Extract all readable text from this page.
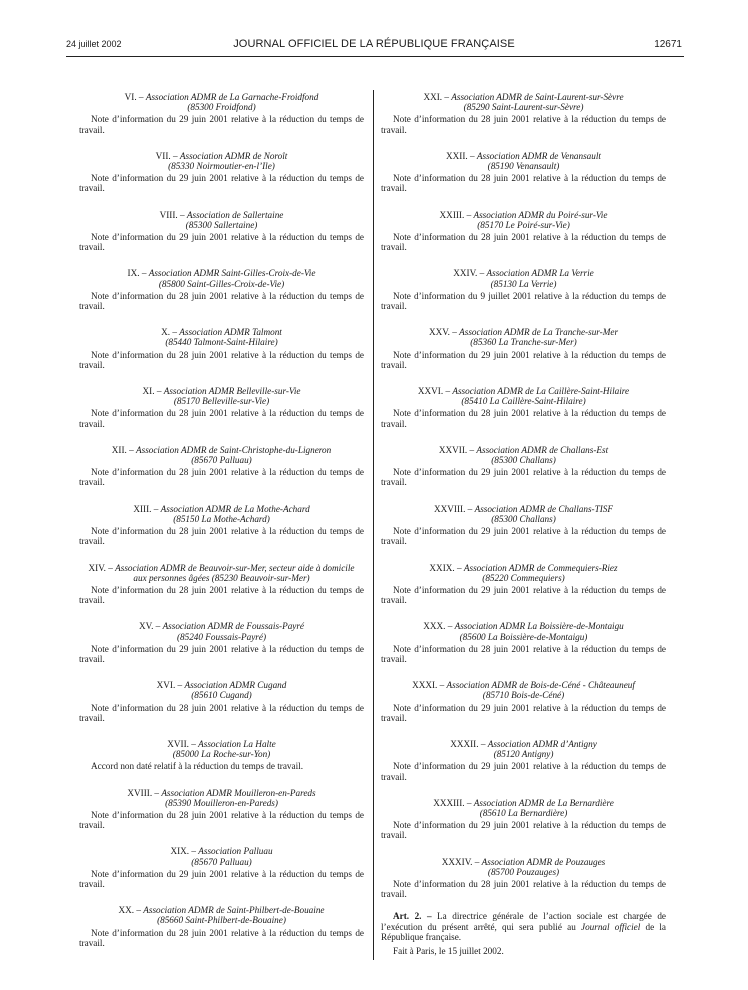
24 juillet 2002	JOURNAL OFFICIEL DE LA RÉPUBLIQUE FRANÇAISE	12671
VI. – Association ADMR de La Garnache-Froidfond
(85300 Froidfond)
Note d’information du 29 juin 2001 relative à la réduction du temps de travail.
VII. – Association ADMR de Noroît
(85330 Noirmoutier-en-l’Ile)
Note d’information du 29 juin 2001 relative à la réduction du temps de travail.
VIII. – Association de Sallertaine
(85300 Sallertaine)
Note d’information du 29 juin 2001 relative à la réduction du temps de travail.
IX. – Association ADMR Saint-Gilles-Croix-de-Vie
(85800 Saint-Gilles-Croix-de-Vie)
Note d’information du 28 juin 2001 relative à la réduction du temps de travail.
X. – Association ADMR Talmont
(85440 Talmont-Saint-Hilaire)
Note d’information du 28 juin 2001 relative à la réduction du temps de travail.
XI. – Association ADMR Belleville-sur-Vie
(85170 Belleville-sur-Vie)
Note d’information du 28 juin 2001 relative à la réduction du temps de travail.
XII. – Association ADMR de Saint-Christophe-du-Ligneron
(85670 Palluau)
Note d’information du 28 juin 2001 relative à la réduction du temps de travail.
XIII. – Association ADMR de La Mothe-Achard
(85150 La Mothe-Achard)
Note d’information du 28 juin 2001 relative à la réduction du temps de travail.
XIV. – Association ADMR de Beauvoir-sur-Mer, secteur aide à domicile aux personnes âgées (85230 Beauvoir-sur-Mer)
Note d’information du 28 juin 2001 relative à la réduction du temps de travail.
XV. – Association ADMR de Foussais-Payré
(85240 Foussais-Payré)
Note d’information du 29 juin 2001 relative à la réduction du temps de travail.
XVI. – Association ADMR Cugand
(85610 Cugand)
Note d’information du 28 juin 2001 relative à la réduction du temps de travail.
XVII. – Association La Halte
(85000 La Roche-sur-Yon)
Accord non daté relatif à la réduction du temps de travail.
XVIII. – Association ADMR Mouilleron-en-Pareds
(85390 Mouilleron-en-Pareds)
Note d’information du 28 juin 2001 relative à la réduction du temps de travail.
XIX. – Association Palluau
(85670 Palluau)
Note d’information du 29 juin 2001 relative à la réduction du temps de travail.
XX. – Association ADMR de Saint-Philbert-de-Bouaine
(85660 Saint-Philbert-de-Bouaine)
Note d’information du 28 juin 2001 relative à la réduction du temps de travail.
XXI. – Association ADMR de Saint-Laurent-sur-Sèvre
(85290 Saint-Laurent-sur-Sèvre)
Note d’information du 28 juin 2001 relative à la réduction du temps de travail.
XXII. – Association ADMR de Venansault
(85190 Venansault)
Note d’information du 28 juin 2001 relative à la réduction du temps de travail.
XXIII. – Association ADMR du Poiré-sur-Vie
(85170 Le Poiré-sur-Vie)
Note d’information du 28 juin 2001 relative à la réduction du temps de travail.
XXIV. – Association ADMR La Verrie
(85130 La Verrie)
Note d’information du 9 juillet 2001 relative à la réduction du temps de travail.
XXV. – Association ADMR de La Tranche-sur-Mer
(85360 La Tranche-sur-Mer)
Note d’information du 29 juin 2001 relative à la réduction du temps de travail.
XXVI. – Association ADMR de La Caillère-Saint-Hilaire
(85410 La Caillère-Saint-Hilaire)
Note d’information du 28 juin 2001 relative à la réduction du temps de travail.
XXVII. – Association ADMR de Challans-Est
(85300 Challans)
Note d’information du 29 juin 2001 relative à la réduction du temps de travail.
XXVIII. – Association ADMR de Challans-TISF
(85300 Challans)
Note d’information du 29 juin 2001 relative à la réduction du temps de travail.
XXIX. – Association ADMR de Commequiers-Riez
(85220 Commequiers)
Note d’information du 29 juin 2001 relative à la réduction du temps de travail.
XXX. – Association ADMR La Boissière-de-Montaigu
(85600 La Boissière-de-Montaigu)
Note d’information du 28 juin 2001 relative à la réduction du temps de travail.
XXXI. – Association ADMR de Bois-de-Céné - Châteauneuf
(85710 Bois-de-Céné)
Note d’information du 29 juin 2001 relative à la réduction du temps de travail.
XXXII. – Association ADMR d’Antigny
(85120 Antigny)
Note d’information du 29 juin 2001 relative à la réduction du temps de travail.
XXXIII. – Association ADMR de La Bernardière
(85610 La Bernardière)
Note d’information du 29 juin 2001 relative à la réduction du temps de travail.
XXXIV. – Association ADMR de Pouzauges
(85700 Pouzauges)
Note d’information du 28 juin 2001 relative à la réduction du temps de travail.
Art. 2. – La directrice générale de l’action sociale est chargée de l’exécution du présent arrêté, qui sera publié au Journal officiel de la République française.
Fait à Paris, le 15 juillet 2002.
